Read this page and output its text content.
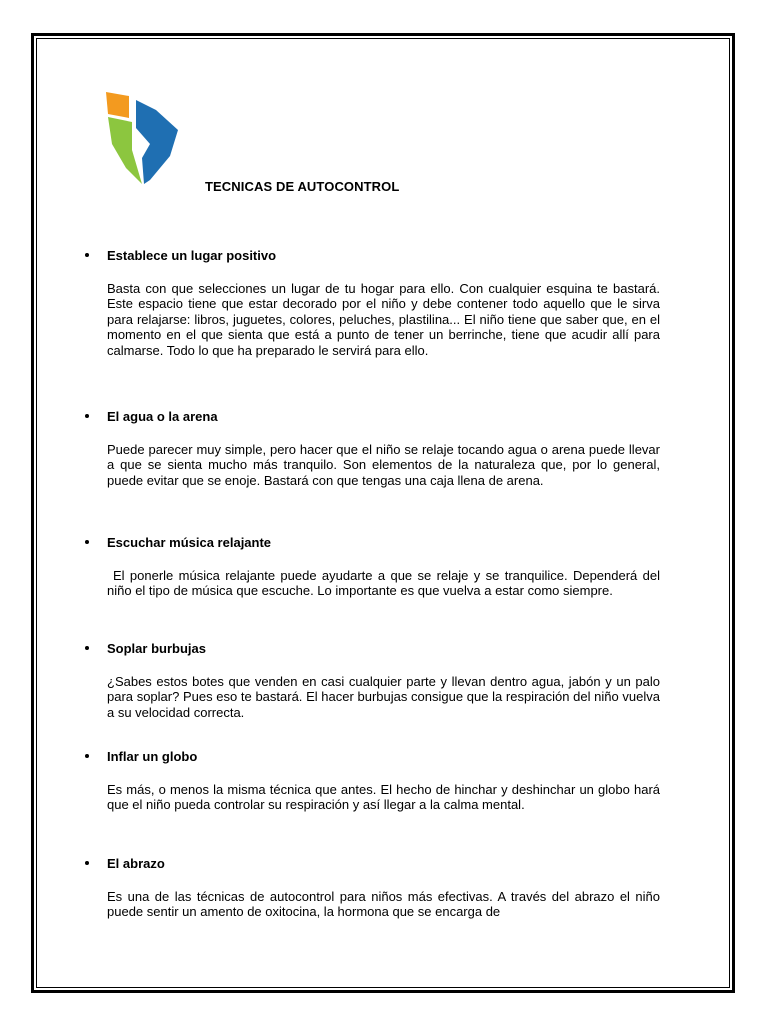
TECNICAS DE AUTOCONTROL
Establece un lugar positivo
Basta con que selecciones un lugar de tu hogar para ello. Con cualquier esquina te bastará. Este espacio tiene que estar decorado por el niño y debe contener todo aquello que le sirva para relajarse: libros, juguetes, colores, peluches, plastilina... El niño tiene que saber que, en el momento en el que sienta que está a punto de tener un berrinche, tiene que acudir allí para calmarse. Todo lo que ha preparado le servirá para ello.
El agua o la arena
Puede parecer muy simple, pero hacer que el niño se relaje tocando agua o arena puede llevar a que se sienta mucho más tranquilo. Son elementos de la naturaleza que, por lo general, puede evitar que se enoje. Bastará con que tengas una caja llena de arena.
Escuchar música relajante
El ponerle música relajante puede ayudarte a que se relaje y se tranquilice. Dependerá del niño el tipo de música que escuche. Lo importante es que vuelva a estar como siempre.
Soplar burbujas
¿Sabes estos botes que venden en casi cualquier parte y llevan dentro agua, jabón y un palo para soplar? Pues eso te bastará. El hacer burbujas consigue que la respiración del niño vuelva a su velocidad correcta.
Inflar un globo
Es más, o menos la misma técnica que antes. El hecho de hinchar y deshinchar un globo hará que el niño pueda controlar su respiración y así llegar a la calma mental.
El abrazo
Es una de las técnicas de autocontrol para niños más efectivas. A través del abrazo el niño puede sentir un amento de oxitocina, la hormona que se encarga de
